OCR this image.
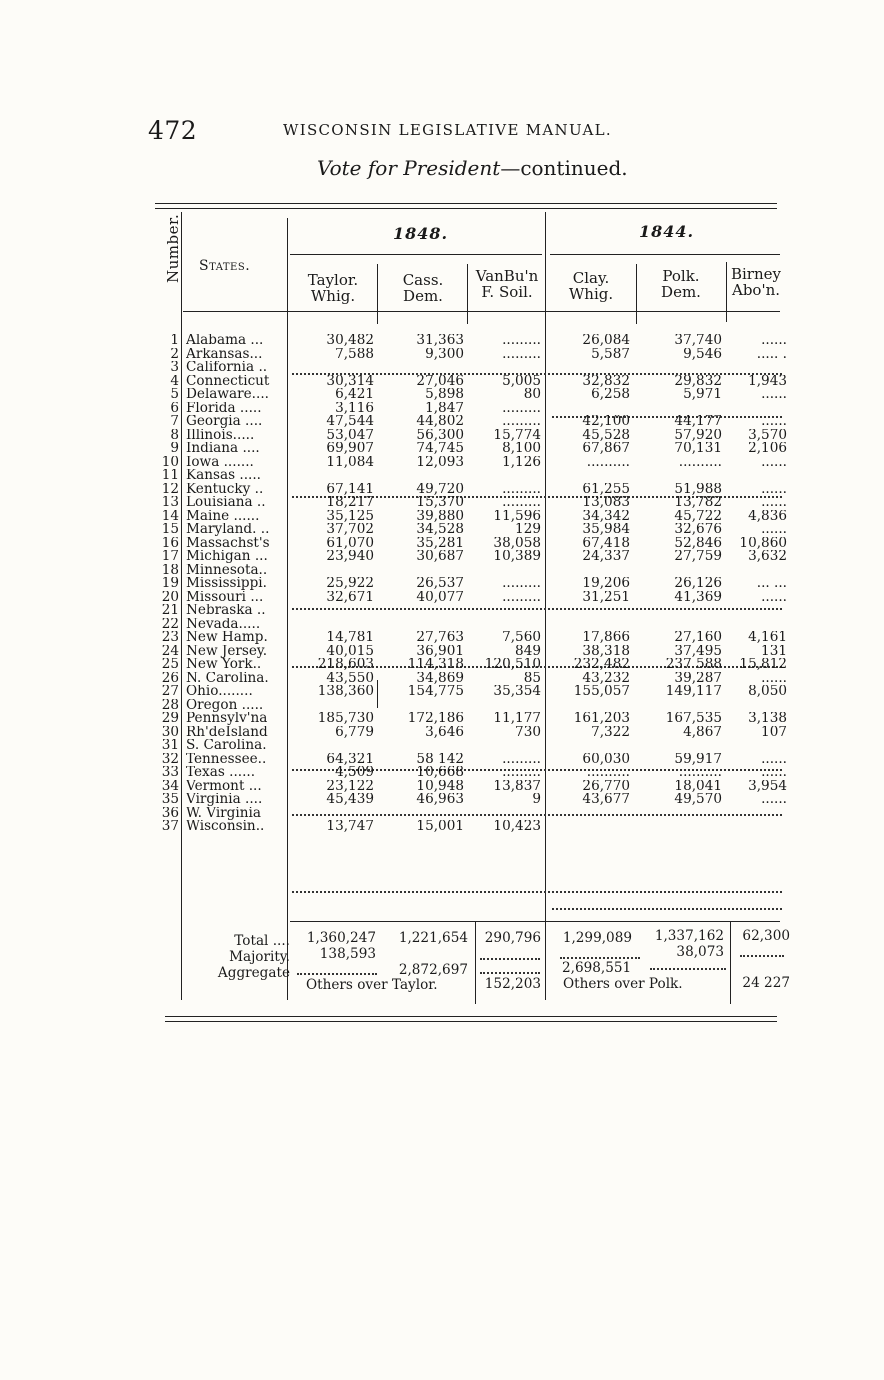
472	WISCONSIN LEGISLATIVE MANUAL.
Vote for President—continued.
Number. States.
1848.	1844.
Taylor.
Whig.
Cass.
Dem.
VanBu'n
F. Soil.
Clay.
Whig.
Polk.
Dem.
Birney
Abo'n.
1
2
3
4
5
6
7
8
9
10
11
12
13
14
15
16
17
18
19
20
21
22
23
24
25
26
27
28
29
30
31
32
33
34
35
36
37
Alabama ...
Arkansas...
California ..
Connecticut
Delaware....
Florida .....
Georgia ....
Illinois.....
Indiana ....
Iowa .......
Kansas .....
Kentucky ..
Louisiana ..
Maine ......
Maryland. ..
Massachst's
Michigan ...
Minnesota..
Mississippi.
Missouri ...
Nebraska ..
Nevada.....
New Hamp.
New Jersey.
New York..
N. Carolina.
Ohio........
Oregon .....
Pennsylv'na
Rh'deIsland
S. Carolina.
Tennessee..
Texas ......
Vermont ...
Virginia ....
W. Virginia
Wisconsin..
30,482
7,588
30,314
6,421
3,116
47,544
53,047
69,907
11,084
67,141
18,217
35,125
37,702
61,070
23,940
25,922
32,671
14,781
40,015
218,603
43,550
138,360
185,730
6,779
64,321
4,509
23,122
45,439
13,747
31,363
9,300
27,046
5,898
1,847
44,802
56,300
74,745
12,093
49,720
15,370
39,880
34,528
35,281
30,687
26,537
40,077
27,763
36,901
114,318
34,869
154,775
172,186
3,646
58 142
10,668
10,948
46,963
15,001
.........
.........
5,005
80
.........
.........
15,774
8,100
1,126
.........
.........
11,596
129
38,058
10,389
.........
.........
7,560
849
120,510
85
35,354
11,177
730
.........
.........
13,837
9
10,423
26,084
5,587
32,832
6,258
42,100
45,528
67,867
..........
61,255
13,083
34,342
35,984
67,418
24,337
19,206
31,251
17,866
38,318
232,482
43,232
155,057
161,203
7,322
60,030
..........
26,770
43,677
37,740
9,546
29,832
5,971
44,177
57,920
70,131
..........
51,988
13,782
45,722
32,676
52,846
27,759
26,126
41,369
27,160
37,495
237 588
39,287
149,117
167,535
4,867
59,917
..........
18,041
49,570
......
..... .
1,943
......
......
3,570
2,106
......
......
......
4,836
......
10,860
3,632
... ...
......
4,161
131
15,812
......
8,050
3,138
107
......
......
3,954
......
Total ....
Majority.
Aggregate
1,360,247
138,593
1,221,654
2,872,697
Others over Taylor.
290,796
152,203
1,299,089
2,698,551
Others over Polk.
1,337,162
38,073
62,300
24 227
